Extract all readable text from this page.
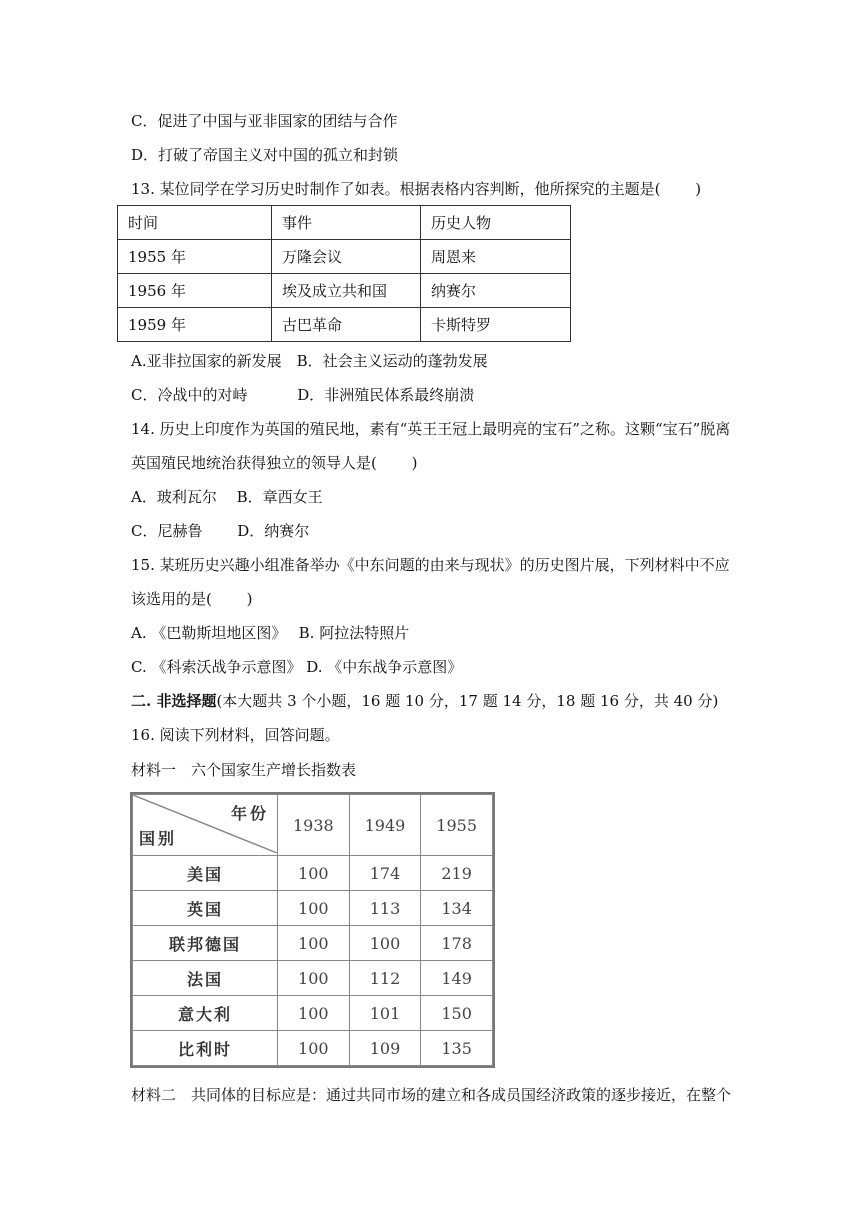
C．促进了中国与亚非国家的团结与合作
D．打破了帝国主义对中国的孤立和封锁
13. 某位同学在学习历史时制作了如表。根据表格内容判断，他所探究的主题是(　　 )
时间	事件	历史人物
1955 年	万隆会议	周恩来
1956 年	埃及成立共和国	纳赛尔
1959 年	古巴革命	卡斯特罗
A.亚非拉国家的新发展　B．社会主义运动的蓬勃发展
C．冷战中的对峙　　　 D．非洲殖民体系最终崩溃
14. 历史上印度作为英国的殖民地，素有“英王王冠上最明亮的宝石”之称。这颗“宝石”脱离
英国殖民地统治获得独立的领导人是(　　 )
A．玻利瓦尔　 B．章西女王
C．尼赫鲁　　 D．纳赛尔
15. 某班历史兴趣小组准备举办《中东问题的由来与现状》的历史图片展，下列材料中不应
该选用的是(　　 )
A. 《巴勒斯坦地区图》　 B. 阿拉法特照片
C. 《科索沃战争示意图》 D. 《中东战争示意图》
二. 非选择题(本大题共 3 个小题，16 题 10 分，17 题 14 分，18 题 16 分，共 40 分)
16. 阅读下列材料，回答问题。
材料一　六个国家生产增长指数表
年份
国别	1938	1949	1955
美国	100	174	219
英国	100	113	134
联邦德国	100	100	178
法国	100	112	149
意大利	100	101	150
比利时	100	109	135
材料二　共同体的目标应是：通过共同市场的建立和各成员国经济政策的逐步接近，在整个
